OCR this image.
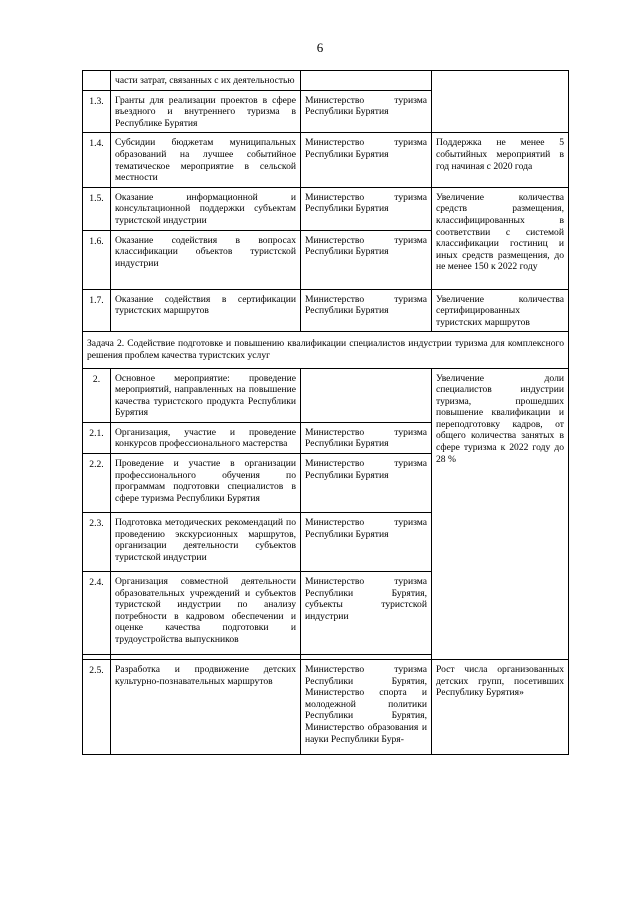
6
	части затрат, связанных с их деятельностью		
1.3.	Гранты для реализации проектов в сфере въездного и внутреннего туризма в Республике Бурятия	Министерство туризма Республики Бурятия	
1.4.	Субсидии бюджетам муниципальных образований на лучшее событийное тематическое мероприятие в сельской местности	Министерство туризма Республики Бурятия	Поддержка не менее 5 событийных мероприятий в год начиная с 2020 года
1.5.	Оказание информационной и консультационной поддержки субъектам туристской индустрии	Министерство туризма Республики Бурятия	Увеличение количества средств размещения, классифицированных в соответствии с системой классификации гостиниц и иных средств размещения, до не менее 150 к 2022 году
1.6.	Оказание содействия в вопросах классификации объектов туристской индустрии	Министерство туризма Республики Бурятия	
1.7.	Оказание содействия в сертификации туристских маршрутов	Министерство туризма Республики Бурятия	Увеличение количества сертифицированных туристских маршрутов
Задача 2. Содействие подготовке и повышению квалификации специалистов индустрии туризма для комплексного решения проблем качества туристских услуг			
2.	Основное мероприятие: проведение мероприятий, направленных на повышение качества туристского продукта Республики Бурятия		Увеличение доли специалистов индустрии туризма, прошедших повышение квалификации и переподготовку кадров, от общего количества занятых в сфере туризма к 2022 году до 28 %
2.1.	Организация, участие и проведение конкурсов профессионального мастерства	Министерство туризма Республики Бурятия	
2.2.	Проведение и участие в организации профессионального обучения по программам подготовки специалистов в сфере туризма Республики Бурятия	Министерство туризма Республики Бурятия	
2.3.	Подготовка методических рекомендаций по проведению экскурсионных маршрутов, организации деятельности субъектов туристской индустрии	Министерство туризма Республики Бурятия	
2.4.	Организация совместной деятельности образовательных учреждений и субъектов туристской индустрии по анализу потребности в кадровом обеспечении и оценке качества подготовки и трудоустройства выпускников	Министерство туризма Республики Бурятия, субъекты туристской индустрии	

2.5.	Разработка и продвижение детских культурно-познавательных маршрутов	Министерство туризма Республики Бурятия, Министерство спорта и молодежной политики Республики Бурятия, Министерство образования и науки Республики Буря-	Рост числа организованных детских групп, посетивших Республику Бурятия»
